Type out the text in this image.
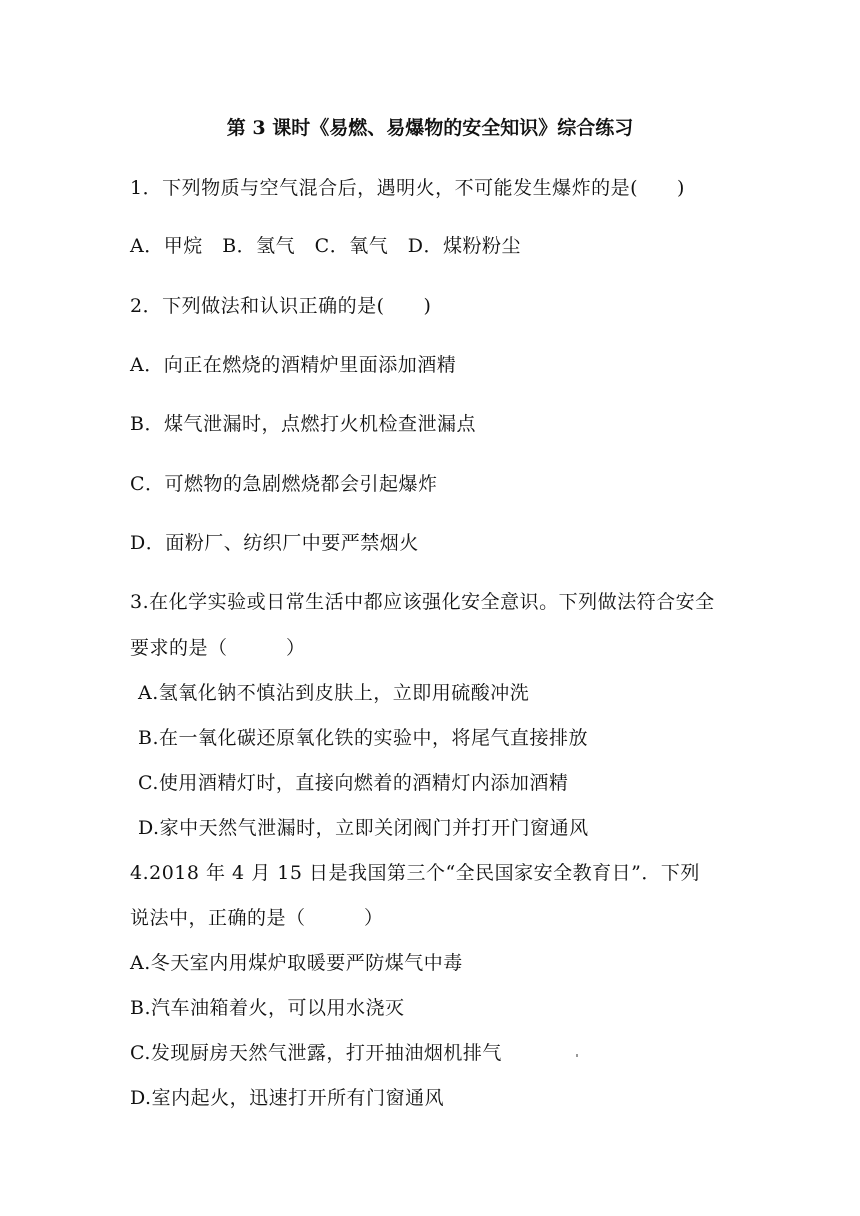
第 3 课时《易燃、易爆物的安全知识》综合练习
1．下列物质与空气混合后，遇明火，不可能发生爆炸的是(　　)
A．甲烷　B．氢气　C．氧气　D．煤粉粉尘
2．下列做法和认识正确的是(　　)
A．向正在燃烧的酒精炉里面添加酒精
B．煤气泄漏时，点燃打火机检查泄漏点
C．可燃物的急剧燃烧都会引起爆炸
D．面粉厂、纺织厂中要严禁烟火
3.在化学实验或日常生活中都应该强化安全意识。下列做法符合安全
要求的是（　　　）
A.氢氧化钠不慎沾到皮肤上，立即用硫酸冲洗
B.在一氧化碳还原氧化铁的实验中，将尾气直接排放
C.使用酒精灯时，直接向燃着的酒精灯内添加酒精
D.家中天然气泄漏时，立即关闭阀门并打开门窗通风
4.2018 年 4 月 15 日是我国第三个“全民国家安全教育日”．下列
说法中，正确的是（　　　）
A.冬天室内用煤炉取暖要严防煤气中毒
B.汽车油箱着火，可以用水浇灭
C.发现厨房天然气泄露，打开抽油烟机排气
D.室内起火，迅速打开所有门窗通风
